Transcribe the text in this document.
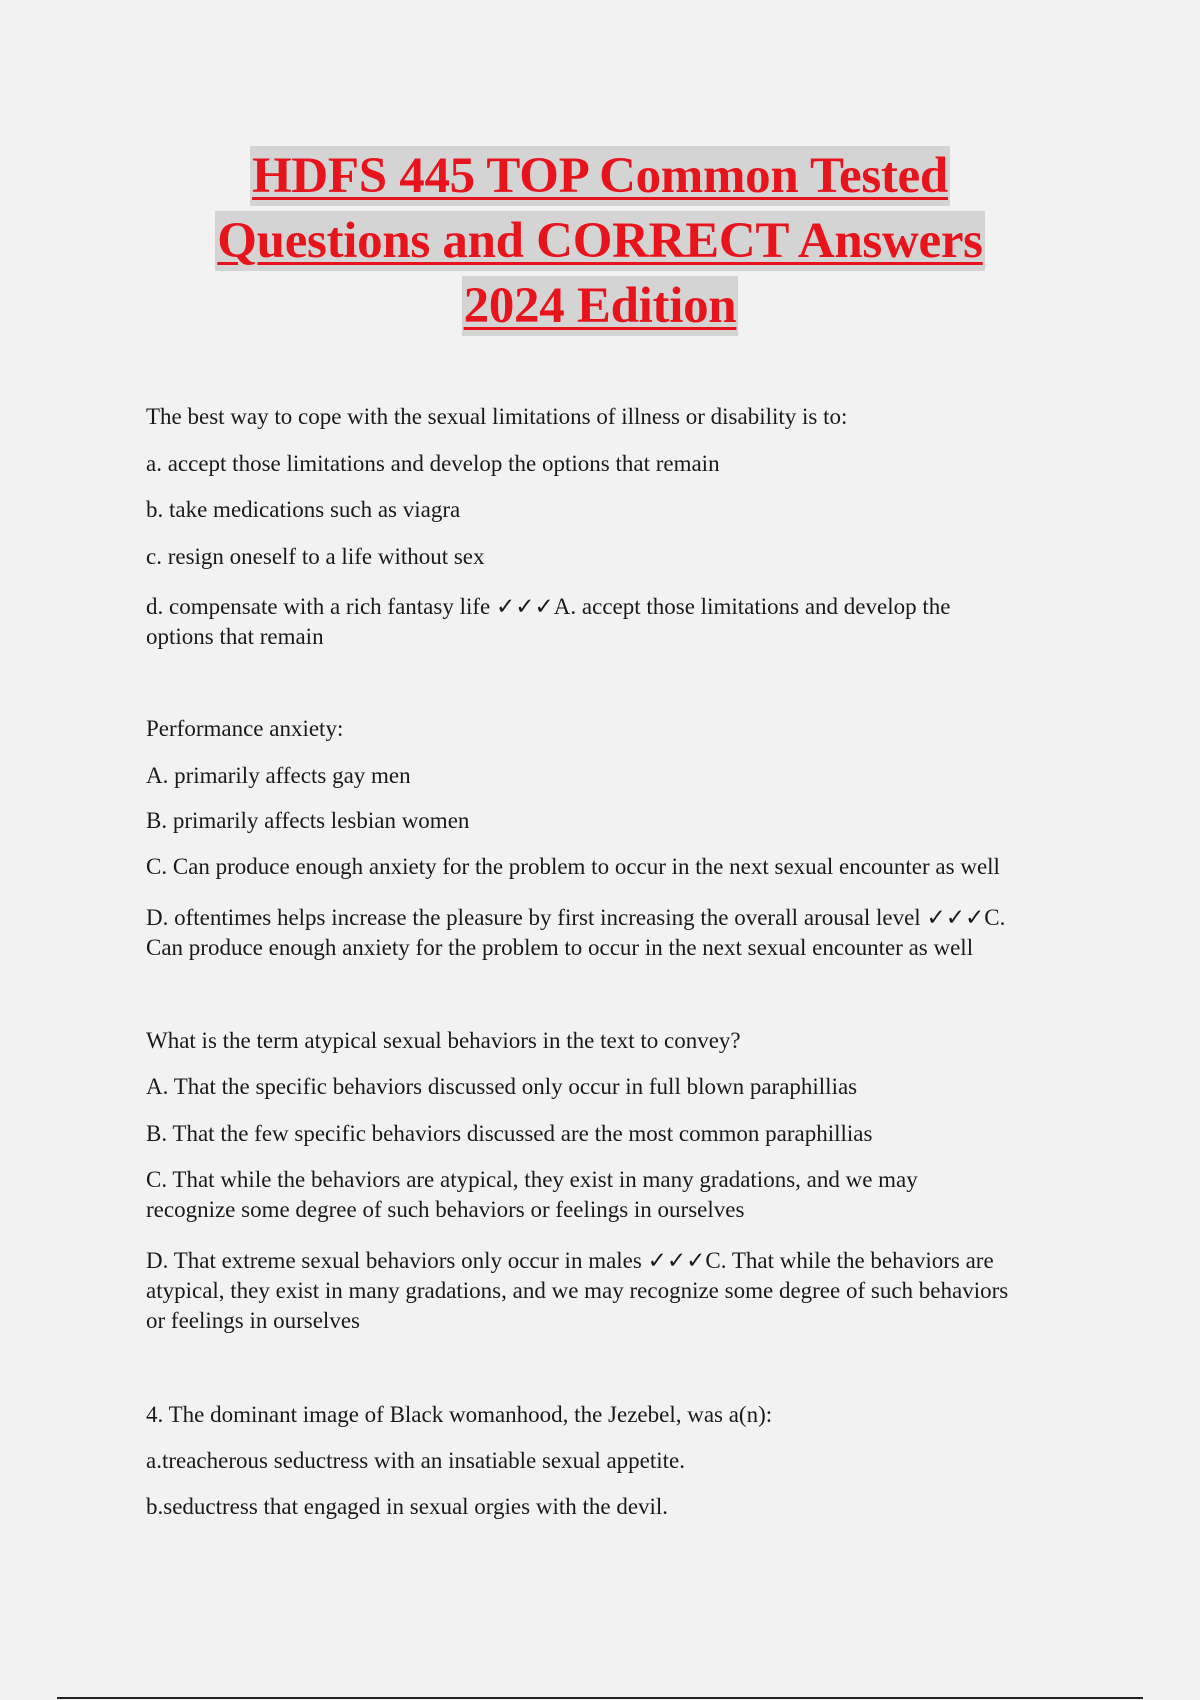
HDFS 445 TOP Common Tested
Questions and CORRECT Answers
2024 Edition
The best way to cope with the sexual limitations of illness or disability is to:
a. accept those limitations and develop the options that remain
b. take medications such as viagra
c. resign oneself to a life without sex
d. compensate with a rich fantasy life ✓✓✓A. accept those limitations and develop the
options that remain
Performance anxiety:
A. primarily affects gay men
B. primarily affects lesbian women
C. Can produce enough anxiety for the problem to occur in the next sexual encounter as well
D. oftentimes helps increase the pleasure by first increasing the overall arousal level ✓✓✓C.
Can produce enough anxiety for the problem to occur in the next sexual encounter as well
What is the term atypical sexual behaviors in the text to convey?
A. That the specific behaviors discussed only occur in full blown paraphillias
B. That the few specific behaviors discussed are the most common paraphillias
C. That while the behaviors are atypical, they exist in many gradations, and we may
recognize some degree of such behaviors or feelings in ourselves
D. That extreme sexual behaviors only occur in males ✓✓✓C. That while the behaviors are
atypical, they exist in many gradations, and we may recognize some degree of such behaviors
or feelings in ourselves
4. The dominant image of Black womanhood, the Jezebel, was a(n):
a.treacherous seductress with an insatiable sexual appetite.
b.seductress that engaged in sexual orgies with the devil.
